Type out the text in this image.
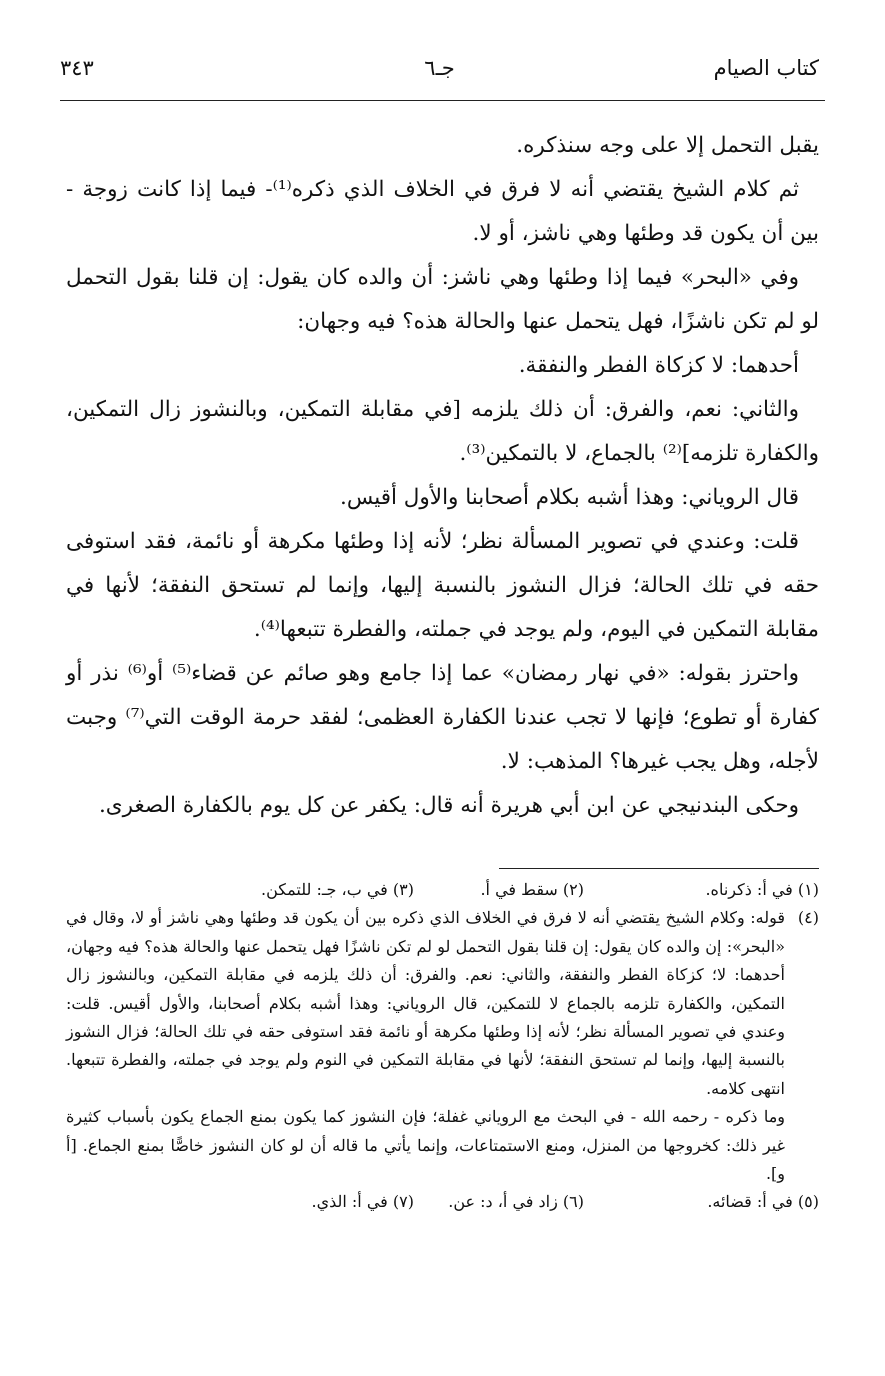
كتاب الصيام
جـ٦
٣٤٣

يقبل التحمل إلا على وجه سنذكره.

ثم كلام الشيخ يقتضي أنه لا فرق في الخلاف الذي ذكره⁽¹⁾- فيما إذا كانت زوجة - بين أن يكون قد وطئها وهي ناشز، أو لا.

وفي «البحر» فيما إذا وطئها وهي ناشز: أن والده كان يقول: إن قلنا بقول التحمل لو لم تكن ناشزًا، فهل يتحمل عنها والحالة هذه؟ فيه وجهان:

أحدهما: لا كزكاة الفطر والنفقة.

والثاني: نعم، والفرق: أن ذلك يلزمه [في مقابلة التمكين، وبالنشوز زال التمكين، والكفارة تلزمه]⁽²⁾ بالجماع، لا بالتمكين⁽³⁾.

قال الروياني: وهذا أشبه بكلام أصحابنا والأول أقيس.

قلت: وعندي في تصوير المسألة نظر؛ لأنه إذا وطئها مكرهة أو نائمة، فقد استوفى حقه في تلك الحالة؛ فزال النشوز بالنسبة إليها، وإنما لم تستحق النفقة؛ لأنها في مقابلة التمكين في اليوم، ولم يوجد في جملته، والفطرة تتبعها⁽⁴⁾.

واحترز بقوله: «في نهار رمضان» عما إذا جامع وهو صائم عن قضاء⁽⁵⁾ أو⁽⁶⁾ نذر أو كفارة أو تطوع؛ فإنها لا تجب عندنا الكفارة العظمى؛ لفقد حرمة الوقت التي⁽⁷⁾ وجبت لأجله، وهل يجب غيرها؟ المذهب: لا.

وحكى البندنيجي عن ابن أبي هريرة أنه قال: يكفر عن كل يوم بالكفارة الصغرى.

(١) في أ: ذكرناه.
(٢) سقط في أ.
(٣) في ب، جـ: للتمكن.
(٤)

قوله: وكلام الشيخ يقتضي أنه لا فرق في الخلاف الذي ذكره بين أن يكون قد وطئها وهي ناشز أو لا، وقال في «البحر»: إن والده كان يقول: إن قلنا بقول التحمل لو لم تكن ناشزًا فهل يتحمل عنها والحالة هذه؟ فيه وجهان، أحدهما: لا؛ كزكاة الفطر والنفقة، والثاني: نعم. والفرق: أن ذلك يلزمه في مقابلة التمكين، وبالنشوز زال التمكين، والكفارة تلزمه بالجماع لا للتمكين، قال الروياني: وهذا أشبه بكلام أصحابنا، والأول أقيس. قلت: وعندي في تصوير المسألة نظر؛ لأنه إذا وطئها مكرهة أو نائمة فقد استوفى حقه في تلك الحالة؛ فزال النشوز بالنسبة إليها، وإنما لم تستحق النفقة؛ لأنها في مقابلة التمكين في النوم ولم يوجد في جملته، والفطرة تتبعها. انتهى كلامه.

وما ذكره - رحمه الله - في البحث مع الروياني غفلة؛ فإن النشوز كما يكون بمنع الجماع يكون بأسباب كثيرة غير ذلك: كخروجها من المنزل، ومنع الاستمتاعات، وإنما يأتي ما قاله أن لو كان النشوز خاصًّا بمنع الجماع. [أ و].

(٥) في أ: قضائه.
(٦) زاد في أ، د: عن.
(٧) في أ: الذي.
